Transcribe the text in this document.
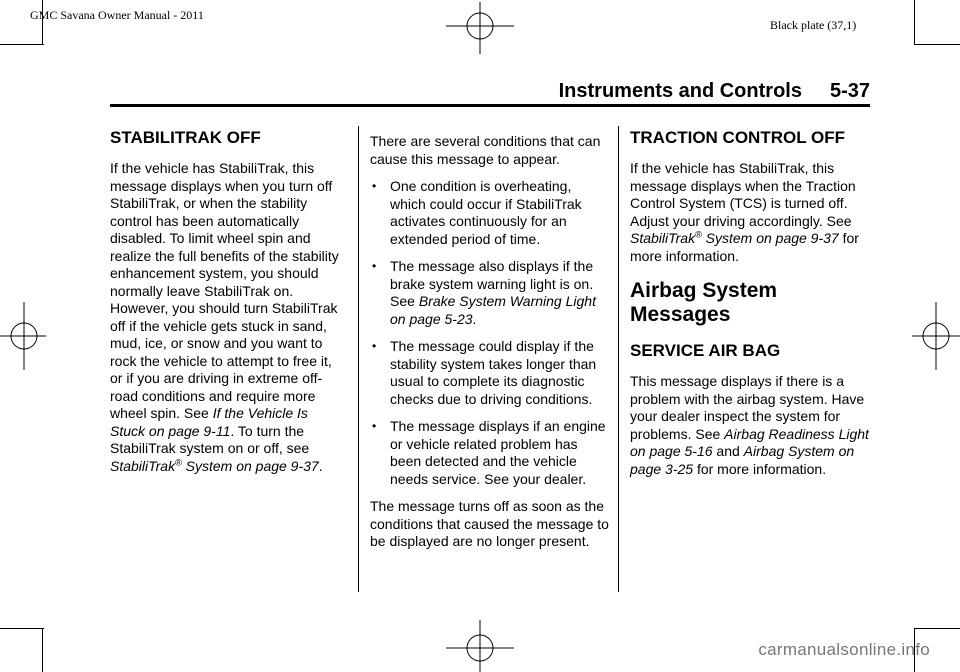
GMC Savana Owner Manual - 2011
Black plate (37,1)
Instruments and Controls 5-37
STABILITRAK OFF

If the vehicle has StabiliTrak, this message displays when you turn off StabiliTrak, or when the stability control has been automatically disabled. To limit wheel spin and realize the full benefits of the stability enhancement system, you should normally leave StabiliTrak on. However, you should turn StabiliTrak off if the vehicle gets stuck in sand, mud, ice, or snow and you want to rock the vehicle to attempt to free it, or if you are driving in extreme off-road conditions and require more wheel spin. See If the Vehicle Is Stuck on page 9-11. To turn the StabiliTrak system on or off, see StabiliTrak® System on page 9-37.

There are several conditions that can cause this message to appear.

• One condition is overheating, which could occur if StabiliTrak activates continuously for an extended period of time.
• The message also displays if the brake system warning light is on. See Brake System Warning Light on page 5-23.
• The message could display if the stability system takes longer than usual to complete its diagnostic checks due to driving conditions.
• The message displays if an engine or vehicle related problem has been detected and the vehicle needs service. See your dealer.

The message turns off as soon as the conditions that caused the message to be displayed are no longer present.

TRACTION CONTROL OFF

If the vehicle has StabiliTrak, this message displays when the Traction Control System (TCS) is turned off. Adjust your driving accordingly. See StabiliTrak® System on page 9-37 for more information.

Airbag System Messages
SERVICE AIR BAG

This message displays if there is a problem with the airbag system. Have your dealer inspect the system for problems. See Airbag Readiness Light on page 5-16 and Airbag System on page 3-25 for more information.

carmanualsonline.info
